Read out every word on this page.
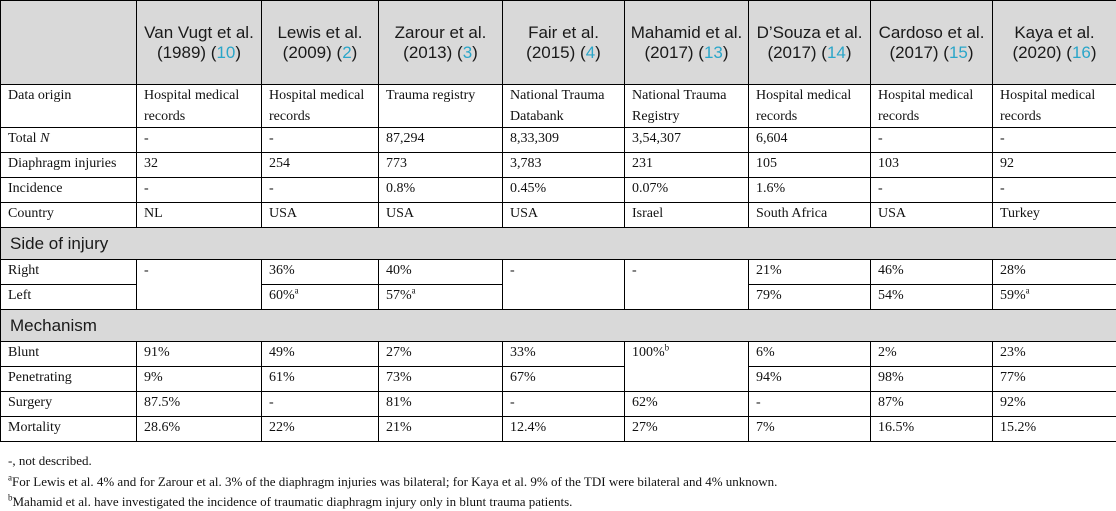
	Van Vugt et al. (1989) (10)	Lewis et al. (2009) (2)	Zarour et al. (2013) (3)	Fair et al. (2015) (4)	Mahamid et al. (2017) (13)	D’Souza et al. (2017) (14)	Cardoso et al. (2017) (15)	Kaya et al. (2020) (16)
Data origin	Hospital medical records	Hospital medical records	Trauma registry	National Trauma Databank	National Trauma Registry	Hospital medical records	Hospital medical records	Hospital medical records
Total N	-	-	87,294	8,33,309	3,54,307	6,604	-	-
Diaphragm injuries	32	254	773	3,783	231	105	103	92
Incidence	-	-	0.8%	0.45%	0.07%	1.6%	-	-
Country	NL	USA	USA	USA	Israel	South Africa	USA	Turkey
Side of injury								
Right	-	36%	40%	-	-	21%	46%	28%
Left		60%$^a$	57%$^a$			79%	54%	59%$^a$
Mechanism								
Blunt	91%	49%	27%	33%	100%$^b$	6%	2%	23%
Penetrating	9%	61%	73%	67%		94%	98%	77%
Surgery	87.5%	-	81%	-	62%	-	87%	92%
Mortality	28.6%	22%	21%	12.4%	27%	7%	16.5%	15.2%
-, not described.
$^a$For Lewis et al. 4% and for Zarour et al. 3% of the diaphragm injuries was bilateral; for Kaya et al. 9% of the TDI were bilateral and 4% unknown.
$^b$Mahamid et al. have investigated the incidence of traumatic diaphragm injury only in blunt trauma patients.
